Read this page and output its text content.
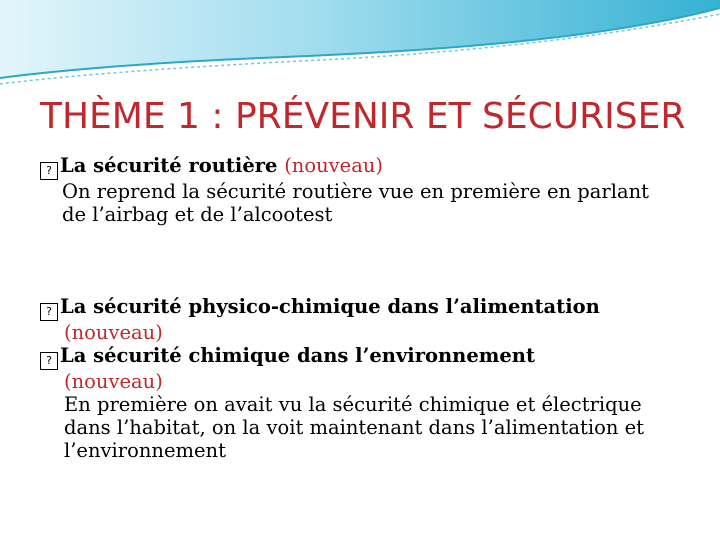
THÈME 1 : PRÉVENIR ET SÉCURISER
? La sécurité routière (nouveau)
On reprend la sécurité routière vue en première en parlant
de l’airbag et de l’alcootest
? La sécurité physico-chimique dans l’alimentation
(nouveau)
? La sécurité chimique dans l’environnement
(nouveau)
En première on avait vu la sécurité chimique et électrique
dans l’habitat, on la voit maintenant dans l’alimentation et
l’environnement
